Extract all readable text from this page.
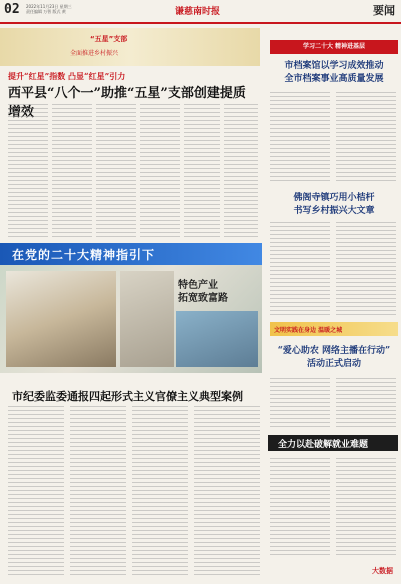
02 2022年11月23日 星期三
责任编辑 万智 版式 黄	谦慈南时报	要闻
“五星”支部
全面推进乡村振兴
提升“红星”指数 凸显“红星”引力
西平县“八个一”助推“五星”支部创建提质增效
学习二十大 精神进基层
市档案馆以学习成效推动
全市档案事业高质量发展
佛阁寺镇巧用小桔杆
书写乡村振兴大文章
在党的二十大精神指引下
特色产业
拓宽致富路
文明实践在身边 温暖之城
“爱心助农 网络主播在行动”
活动正式启动
市纪委监委通报四起形式主义官僚主义典型案例
全力以赴破解就业难题
大数据
